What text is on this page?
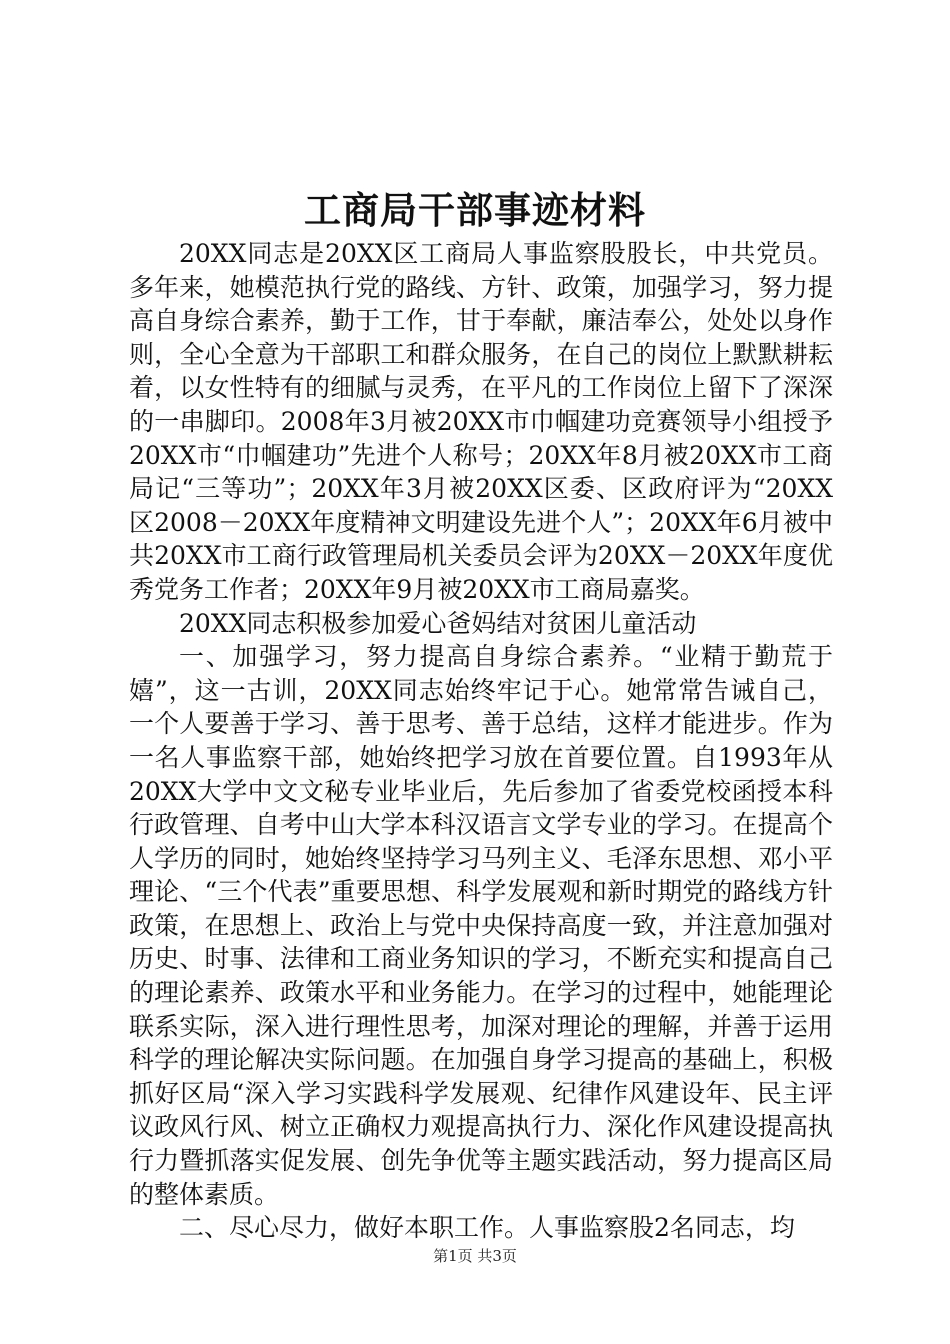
工商局干部事迹材料

20XX同志是20XX区工商局人事监察股股长，中共党员。多年来，她模范执行党的路线、方针、政策，加强学习，努力提高自身综合素养，勤于工作，甘于奉献，廉洁奉公，处处以身作则，全心全意为干部职工和群众服务，在自己的岗位上默默耕耘着，以女性特有的细腻与灵秀，在平凡的工作岗位上留下了深深的一串脚印。2008年3月被20XX市巾帼建功竞赛领导小组授予20XX市“巾帼建功”先进个人称号；20XX年8月被20XX市工商局记“三等功”；20XX年3月被20XX区委、区政府评为“20XX区2008－20XX年度精神文明建设先进个人”；20XX年6月被中共20XX市工商行政管理局机关委员会评为20XX－20XX年度优秀党务工作者；20XX年9月被20XX市工商局嘉奖。

20XX同志积极参加爱心爸妈结对贫困儿童活动

一、加强学习，努力提高自身综合素养。“业精于勤荒于嬉”，这一古训，20XX同志始终牢记于心。她常常告诫自己，一个人要善于学习、善于思考、善于总结，这样才能进步。作为一名人事监察干部，她始终把学习放在首要位置。自1993年从20XX大学中文文秘专业毕业后，先后参加了省委党校函授本科行政管理、自考中山大学本科汉语言文学专业的学习。在提高个人学历的同时，她始终坚持学习马列主义、毛泽东思想、邓小平理论、“三个代表”重要思想、科学发展观和新时期党的路线方针政策，在思想上、政治上与党中央保持高度一致，并注意加强对历史、时事、法律和工商业务知识的学习，不断充实和提高自己的理论素养、政策水平和业务能力。在学习的过程中，她能理论联系实际，深入进行理性思考，加深对理论的理解，并善于运用科学的理论解决实际问题。在加强自身学习提高的基础上，积极抓好区局“深入学习实践科学发展观、纪律作风建设年、民主评议政风行风、树立正确权力观提高执行力、深化作风建设提高执行力暨抓落实促发展、创先争优等主题实践活动，努力提高区局的整体素质。

二、尽心尽力，做好本职工作。人事监察股2名同志，均

第1页 共3页
